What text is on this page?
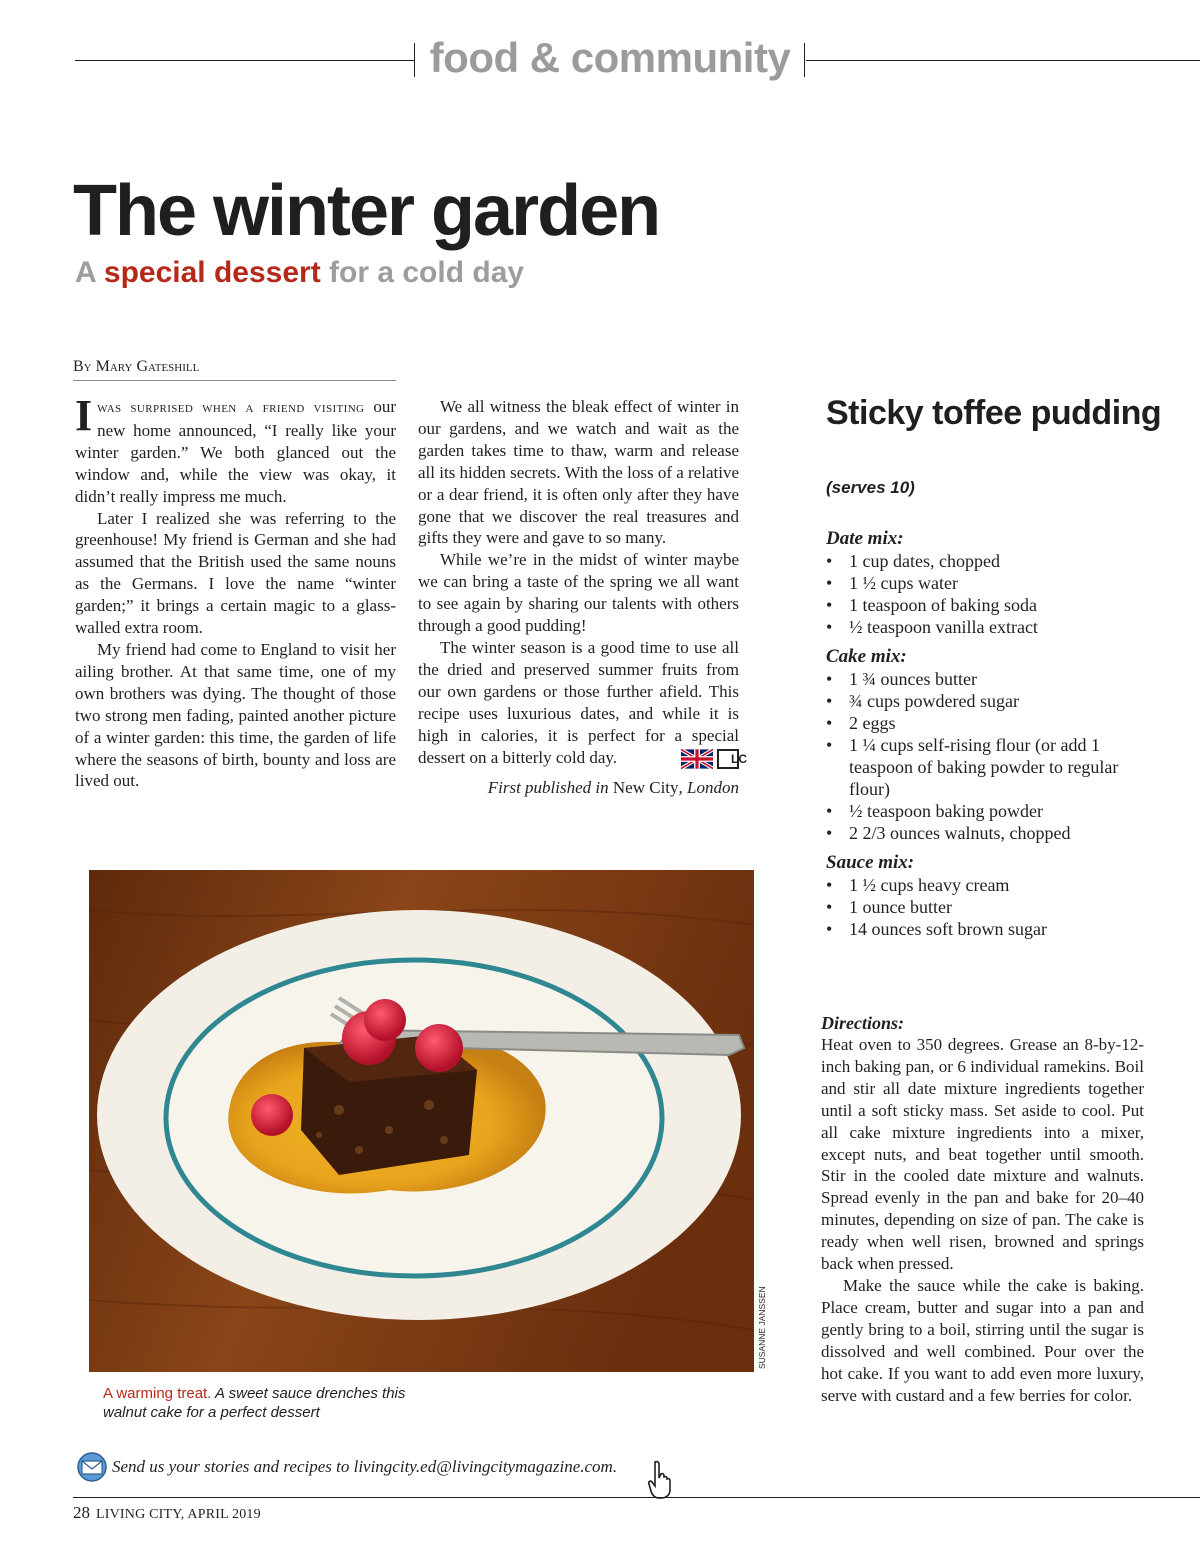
food & community
The winter garden
A special dessert for a cold day
By Mary Gateshill

Iwas surprised when a friend visiting our new home announced, “I really like your winter garden.” We both glanced out the window and, while the view was okay, it didn’t really impress me much.

Later I realized she was referring to the greenhouse! My friend is German and she had assumed that the British used the same nouns as the Germans. I love the name “winter garden;” it brings a certain magic to a glass-walled extra room.

My friend had come to England to visit her ailing brother. At that same time, one of my own brothers was dying. The thought of those two strong men fading, painted another picture of a winter garden: this time, the garden of life where the seasons of birth, bounty and loss are lived out.

We all witness the bleak effect of winter in our gardens, and we watch and wait as the garden takes time to thaw, warm and release all its hidden secrets. With the loss of a relative or a dear friend, it is often only after they have gone that we discover the real treasures and gifts they were and gave to so many.

While we’re in the midst of winter maybe we can bring a taste of the spring we all want to see again by sharing our talents with others through a good pudding!

The winter season is a good time to use all the dried and preserved summer fruits from our own gardens or those further afield. This recipe uses luxurious dates, and while it is high in calories, it is perfect for a special dessert on a bitterly cold day.	LC

First published in New City, London
Sticky toffee pudding
(serves 10)
Date mix:
• 1 cup dates, chopped
• 1 ½ cups water
• 1 teaspoon of baking soda
• ½ teaspoon vanilla extract
Cake mix:
• 1 ¾ ounces butter
• ¾ cups powdered sugar
• 2 eggs
• 1 ¼ cups self-rising flour (or add 1 teaspoon of baking powder to regular flour)
• ½ teaspoon baking powder
• 2 2/3 ounces walnuts, chopped
Sauce mix:
• 1 ½ cups heavy cream
• 1 ounce butter
• 14 ounces soft brown sugar
Directions:

Heat oven to 350 degrees. Grease an 8-by-12-inch baking pan, or 6 individual ramekins. Boil and stir all date mixture ingredients together until a soft sticky mass. Set aside to cool. Put all cake mixture ingredients into a mixer, except nuts, and beat together until smooth. Stir in the cooled date mixture and walnuts. Spread evenly in the pan and bake for 20–40 minutes, depending on size of pan. The cake is ready when well risen, browned and springs back when pressed.

Make the sauce while the cake is baking. Place cream, butter and sugar into a pan and gently bring to a boil, stirring until the sugar is dissolved and well combined. Pour over the hot cake. If you want to add even more luxury, serve with custard and a few berries for color.

SUSANNE JANSSEN
A warming treat. A sweet sauce drenches this walnut cake for a perfect dessert
Send us your stories and recipes to livingcity.ed@livingcitymagazine.com.
28 LIVING CITY, APRIL 2019
